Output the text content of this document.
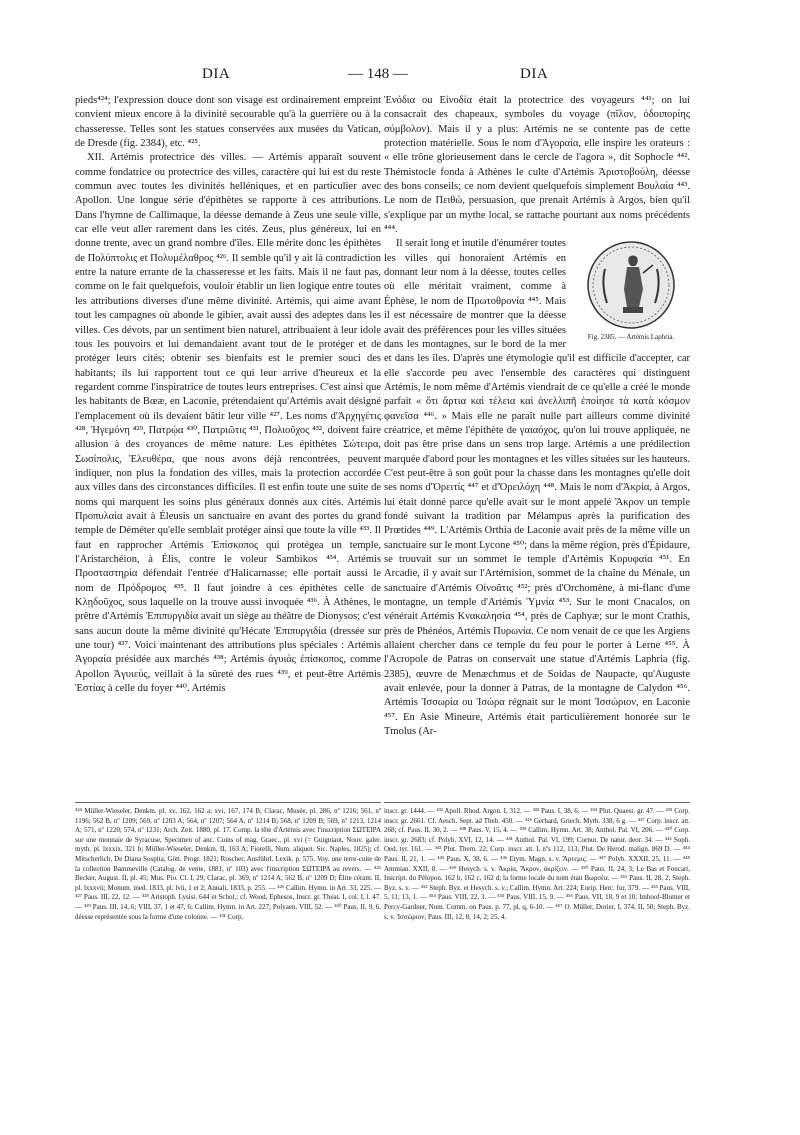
DIA	— 148 —	DIA

pieds⁴²⁴; l'expression douce dont son visage est ordinairement empreint convient mieux encore à la divinité secourable qu'à la guerrière ou à la chasseresse. Telles sont les statues conservées aux musées du Vatican, de Dresde (fig. 2384), etc. ⁴²⁵.

XII. Artémis protectrice des villes. — Artémis apparaît souvent comme fondatrice ou protectrice des villes, caractère qui lui est du reste commun avec toutes les divinités helléniques, et en particulier avec Apollon. Une longue série d'épithètes se rapporte à ces attributions. Dans l'hymne de Callimaque, la déesse demande à Zeus une seule ville, car elle veut aller rarement dans les cités. Zeus, plus généreux, lui en donne trente, avec un grand nombre d'îles. Elle mérite donc les épithètes de Πολύπτολις et Πολυμέλαθρος ⁴²⁶. Il semble qu'il y ait là contradiction entre la nature errante de la chasseresse et les faits. Mais il ne faut pas, comme on le fait quelquefois, vouloir établir un lien logique entre toutes les attributions diverses d'une même divinité. Artémis, qui aime avant tout les campagnes où abonde le gibier, avait aussi des adeptes dans les villes. Ces dévots, par un sentiment bien naturel, attribuaient à leur idole tous les pouvoirs et lui demandaient avant tout de le protéger et de protéger leurs cités; obtenir ses bienfaits est le premier souci des habitants; ils lui rapportent tout ce qui leur arrive d'heureux et la regardent comme l'inspiratrice de toutes leurs entreprises. C'est ainsi que les habitants de Bœæ, en Laconie, prétendaient qu'Artémis avait désigné l'emplacement où ils devaient bâtir leur ville ⁴²⁷. Les noms d'Ἀρχηγέτις ⁴²⁸, Ἡγεμόνη ⁴²⁹, Πατρῴα ⁴³⁰, Πατριῶτις ⁴³¹, Πολιοῦχος ⁴³², doivent faire allusion à des croyances de même nature. Les épithètes Σώτειρα, Σωσίπολις, Ἐλευθέρα, que nous avons déjà rencontrées, peuvent indiquer, non plus la fondation des villes, mais la protection accordée aux villes dans des circonstances difficiles. Il est enfin toute une suite de noms qui marquent les soins plus généraux donnés aux cités. Artémis Προπυλαία avait à Éleusis un sanctuaire en avant des portes du grand temple de Déméter qu'elle semblait protéger ainsi que toute la ville ⁴³³. Il faut en rapprocher Artémis Ἐπίσκοπος qui protégea un temple, l'Aristarchéion, à Élis, contre le voleur Sambikos ⁴³⁴. Artémis Προσταστηρία défendait l'entrée d'Halicarnasse; elle portait aussi le nom de Πρόδρομος ⁴³⁵. Il faut joindre à ces épithètes celle de Κλῃδοῦχος, sous laquelle on la trouve aussi invoquée ⁴³⁶. À Athènes, le prêtre d'Artémis Ἐπιπυργιδία avait un siège au théâtre de Dionysos; c'est sans aucun doute la même divinité qu'Hécate Ἐπιπυργιδία (dressée sur une tour) ⁴³⁷. Voici maintenant des attributions plus spéciales : Artémis Ἀγοραία présidée aux marchés ⁴³⁸; Artémis ἀγυιάς ἐπίσκοπος, comme Apollon Ἀγυιεύς, veillait à la sûreté des rues ⁴³⁹, et peut-être Artémis Ἑστίας à celle du foyer ⁴⁴⁰. Artémis

Ἐνόδια ou Εἰνοδία était la protectrice des voyageurs ⁴⁴¹; on lui consacrait des chapeaux, symboles du voyage (πῖλον, ὁδοιπορίης σύμβολον). Mais il y a plus: Artémis ne se contente pas de cette protection matérielle. Sous le nom d'Ἀγοραία, elle inspire les orateurs : « elle trône glorieusement dans le cercle de l'agora », dit Sophocle ⁴⁴². Thémistocle fonda à Athènes le culte d'Artémis Ἀριστοβούλη, déesse des bons conseils; ce nom devient quelquefois simplement Βουλαία ⁴⁴³. Le nom de Πειθώ, persuasion, que prenait Artémis à Argos, bien qu'il s'explique par un mythe local, se rattache pourtant aux noms précédents ⁴⁴⁴.

Fig. 2385. — Artémis Laphria.

Il serait long et inutile d'énumérer toutes les villes qui honoraient Artémis en donnant leur nom à la déesse, toutes celles où elle méritait vraiment, comme à Éphèse, le nom de Πρωτοθρονία ⁴⁴⁵. Mais il est nécessaire de montrer que la déesse avait des préférences pour les villes situées dans les montagnes, sur le bord de la mer et dans les îles. D'après une étymologie qu'il est difficile d'accepter, car elle s'accorde peu avec l'ensemble des caractères qui distinguent Artémis, le nom même d'Artémis viendrait de ce qu'elle a créé le monde parfait « ὅτι ἄρτια καὶ τέλεια καὶ ἀνελλιπῆ ἐποίησε τὰ κατὰ κόσμον φανεῖσα ⁴⁴⁶. » Mais elle ne paraît nulle part ailleurs comme divinité créatrice, et même l'épithète de γαιαόχος, qu'on lui trouve appliquée, ne doit pas être prise dans un sens trop large. Artémis a une prédilection marquée d'abord pour les montagnes et les villes situées sur les hauteurs. C'est peut-être à son goût pour la chasse dans les montagnes qu'elle doit ses noms d'Ὀρειτίς ⁴⁴⁷ et d'Ὀρειλόχη ⁴⁴⁸. Mais le nom d'Ἀκρία, à Argos, lui était donné parce qu'elle avait sur le mont appelé Ἄκρον un temple fondé suivant la tradition par Mélampus après la purification des Prœtides ⁴⁴⁹. L'Artémis Orthia de Laconie avait près de la même ville un sanctuaire sur le mont Lycone ⁴⁵⁰; dans la même région, près d'Épidaure, se trouvait sur un sommet le temple d'Artémis Κορυφαία ⁴⁵¹. En Arcadie, il y avait sur l'Artémision, sommet de la chaîne du Ménale, un sanctuaire d'Artémis Οἰνοᾶτις ⁴⁵²; près d'Orchomène, à mi-flanc d'une montagne, un temple d'Artémis Ὑμνία ⁴⁵³. Sur le mont Cnacalos, on vénérait Artémis Κνακαλησία ⁴⁵⁴, près de Caphyæ; sur le mont Crathis, près de Phénéos, Artémis Πυρωνία. Ce nom venait de ce que les Argiens allaient chercher dans ce temple du feu pour le porter à Lerne ⁴⁵⁵. À l'Acropole de Patras on conservait une statue d'Artémis Laphria (fig. 2385), œuvre de Menæchmus et de Soidas de Naupacte, qu'Auguste avait enlevée, pour la donner à Patras, de la montagne de Calydon ⁴⁵⁶. Artémis Ἰσσωρία ou Ἰσώρα régnait sur le mont Ἰσσώριον, en Laconie ⁴⁵⁷. En Asie Mineure, Artémis était particulièrement honorée sur le Tmolus (Ar-

⁴²⁴ Müller-Wieseler, Denkm. pl. xv, 162, 162 a; xvi, 167, 174 B; Clarac, Musée, pl. 286, nº 1216; 561, nº 1196; 562 B, nº 1209; 569, nº 1203 A; 564, nº 1207; 564 A, nº 1214 B; 568, nº 1209 B; 569, nº 1213, 1214 A; 571, nº 1220; 574, nº 1231; Arch. Zeit. 1880, pl. 17. Comp. la tête d'Artémis avec l'inscription ΣΩΤΕΙΡΑ sur une monnaie de Syracuse, Specimen of anc. Coins of mag. Graec., pl. xvi (= Guigniaut, Nouv. galer. myth. pl. lxxxix, 321 b; Müller-Wieseler, Denkm. II, 163 A; Fiorelli, Num. aliquot. Sic. Naples, 1825); cf. Mitscherlich, De Diana Sospita, Gött. Progr. 1821; Roscher, Ausführl. Lexik. p. 575. Voy. une terre-cuite de la collection Bammeville (Catalog. de vente, 1881, nº 103) avec l'inscription ΣΩΤΕΙΡΑ au revers. — ⁴²⁵ Becker, August. II, pl. 45; Mus. Pio. Cl. I, 29; Clarac, pl. 369, nº 1214 A; 562 B, nº 1209 D; Élite céram. II, pl. lxxxvii; Monum. ined. 1833, pl. lvii, 1 et 2; Annali, 1833, p. 255. — ⁴²⁶ Callim. Hymn. in Art. 33, 225. — ⁴²⁷ Paus. III, 22, 12. — ⁴²⁸ Aristoph. Lysist. 644 et Schol.; cf. Wood, Ephesos, Inscr. gr. Theat. I, col. I, l. 47. — ⁴²⁹ Paus. III, 14, 6; VIII, 37, 1 et 47, 6; Callim. Hymn. in Art. 227; Polyaen. VIII, 52. — ⁴³⁰ Paus. II, 9, 6, déesse représentée sous la forme d'une colonne. — ⁴³¹ Corp.

inscr. gr. 1444. — ⁴³² Apoll. Rhod. Argon. I, 312. — ⁴³³ Paus. I, 38, 6. — ⁴³⁴ Plut. Quaest. gr. 47. — ⁴³⁵ Corp. inscr. gr. 2661. Cf. Aesch. Sept. ad Theb. 450. — ⁴³⁶ Gerhard, Griech. Myth. 338, 6 g. — ⁴³⁷ Corp. inscr. att. 268; cf. Paus. II, 30, 2. — ⁴³⁸ Paus. V, 15, 4. — ⁴³⁹ Callim. Hymn. Art. 38; Anthol. Pal. VI, 206. — ⁴⁴⁰ Corp. inscr. gr. 2683; cf. Polyb. XVI, 12, 14. — ⁴⁴¹ Anthol. Pal. VI, 199; Cornut. De natur. deor. 34. — ⁴⁴² Soph. Oed. tyr. 161. — ⁴⁴³ Plut. Them. 22; Corp. inscr. att. I, nºs 112, 113; Plut. De Herod. malign. 869 D. — ⁴⁴⁴ Paus. II, 21, 1. — ⁴⁴⁵ Paus. X, 38, 6. — ⁴⁴⁶ Etym. Magn. s. v. Ἄρτεμις. — ⁴⁴⁷ Polyb. XXXII, 25, 11. — ⁴⁴⁸ Ammian. XXII, 8. — ⁴⁴⁹ Hesych. s. v. Ἀκρία, Ἄκρον, ἀκρίζειν. — ⁴⁵⁰ Paus. II, 24, 3; Le Bas et Foucart, Inscript. du Pélopon. 162 b, 162 c, 162 d; la forme locale du nom était Βωρσέα. — ⁴⁵¹ Paus. II, 28, 2; Steph. Byz. s. v. — ⁴⁵² Steph. Byz. et Hesych. s. v.; Callim. Hymn. Art. 224; Eurip. Herc. fur. 379. — ⁴⁵³ Paus. VIII, 5, 11; 13, 1. — ⁴⁵⁴ Paus. VIII, 22, 3. — ⁴⁵⁵ Paus. VIII, 15, 9. — ⁴⁵⁶ Paus. VII, 18, 9 et 10; Imhoof-Blumer et Percy-Gardner, Num. Comm. on Paus. p. 77, pl. q, 6-10. — ⁴⁵⁷ O. Müller, Dorier, I, 374, II, 50; Steph. Byz. s. v. Ἰσσώριον; Paus. III, 12, 8; 14, 2; 25, 4.
